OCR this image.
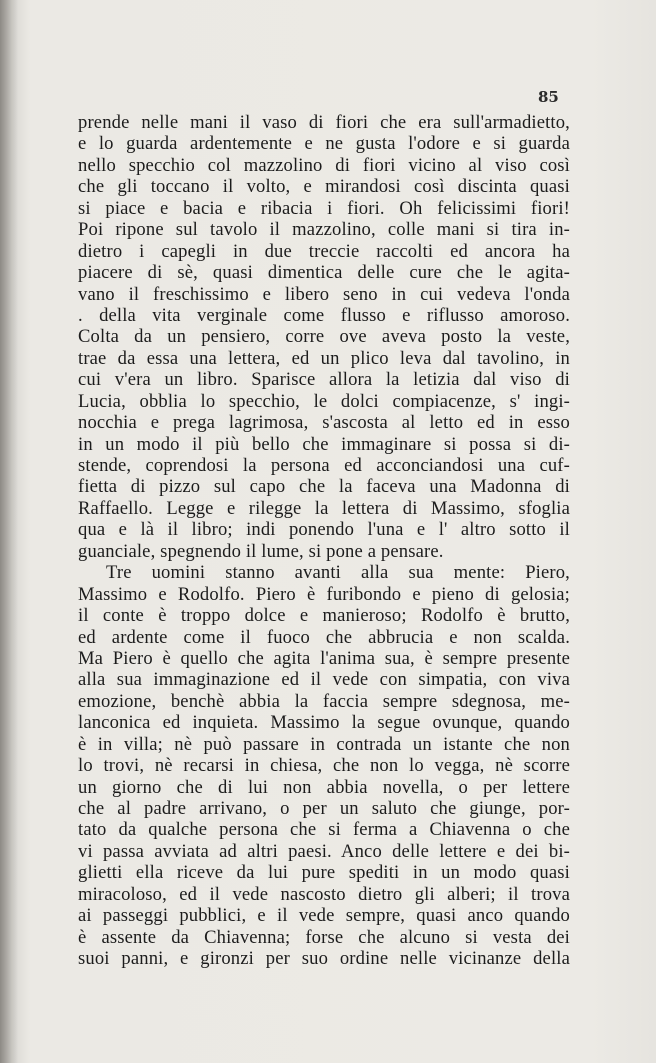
85

prende nelle mani il vaso di fiori che era sull'armadietto,
e lo guarda ardentemente e ne gusta l'odore e si guarda
nello specchio col mazzolino di fiori vicino al viso così
che gli toccano il volto, e mirandosi così discinta quasi
si piace e bacia e ribacia i fiori. Oh felicissimi fiori!
Poi ripone sul tavolo il mazzolino, colle mani si tira in-
dietro i capegli in due treccie raccolti ed ancora ha
piacere di sè, quasi dimentica delle cure che le agita-
vano il freschissimo e libero seno in cui vedeva l'onda
. della vita verginale come flusso e riflusso amoroso.
Colta da un pensiero, corre ove aveva posto la veste,
trae da essa una lettera, ed un plico leva dal tavolino, in
cui v'era un libro. Sparisce allora la letizia dal viso di
Lucia, obblia lo specchio, le dolci compiacenze, s' ingi-
nocchia e prega lagrimosa, s'ascosta al letto ed in esso
in un modo il più bello che immaginare si possa si di-
stende, coprendosi la persona ed acconciandosi una cuf-
fietta di pizzo sul capo che la faceva una Madonna di
Raffaello. Legge e rilegge la lettera di Massimo, sfoglia
qua e là il libro; indi ponendo l'una e l' altro sotto il
guanciale, spegnendo il lume, si pone a pensare.
Tre uomini stanno avanti alla sua mente: Piero,
Massimo e Rodolfo. Piero è furibondo e pieno di gelosia;
il conte è troppo dolce e manieroso; Rodolfo è brutto,
ed ardente come il fuoco che abbrucia e non scalda.
Ma Piero è quello che agita l'anima sua, è sempre presente
alla sua immaginazione ed il vede con simpatia, con viva
emozione, benchè abbia la faccia sempre sdegnosa, me-
lanconica ed inquieta. Massimo la segue ovunque, quando
è in villa; nè può passare in contrada un istante che non
lo trovi, nè recarsi in chiesa, che non lo vegga, nè scorre
un giorno che di lui non abbia novella, o per lettere
che al padre arrivano, o per un saluto che giunge, por-
tato da qualche persona che si ferma a Chiavenna o che
vi passa avviata ad altri paesi. Anco delle lettere e dei bi-
glietti ella riceve da lui pure spediti in un modo quasi
miracoloso, ed il vede nascosto dietro gli alberi; il trova
ai passeggi pubblici, e il vede sempre, quasi anco quando
è assente da Chiavenna; forse che alcuno si vesta dei
suoi panni, e gironzi per suo ordine nelle vicinanze della
